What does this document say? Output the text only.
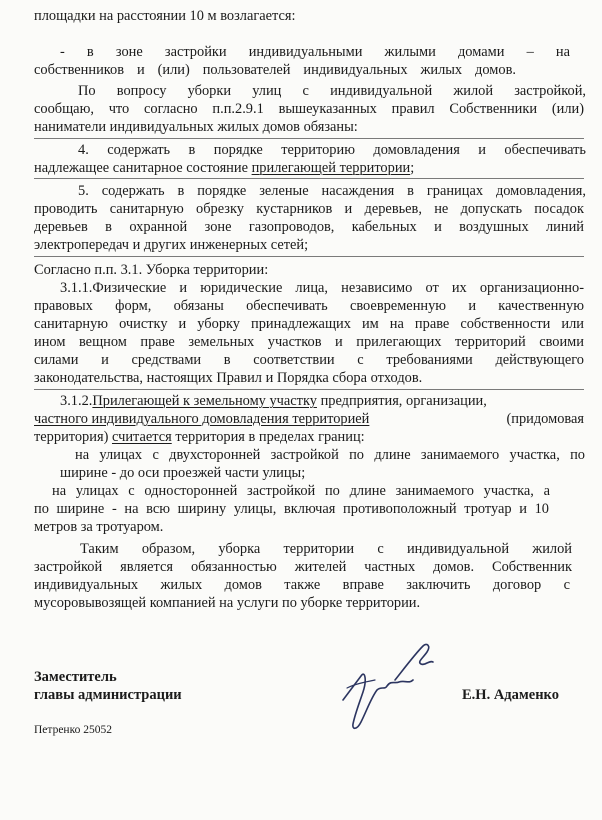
площадки на расстоянии 10 м возлагается:
- в зоне застройки индивидуальными жилыми домами – на
собственников и (или) пользователей индивидуальных жилых домов.
По вопросу уборки улиц с индивидуальной жилой застройкой,
сообщаю, что согласно п.п.2.9.1 вышеуказанных правил Собственники (или)
наниматели индивидуальных жилых домов обязаны:
4. содержать в порядке территорию домовладения и обеспечивать
надлежащее санитарное состояние прилегающей территории;
5. содержать в порядке зеленые насаждения в границах домовладения,
проводить санитарную обрезку кустарников и деревьев, не допускать посадок
деревьев в охранной зоне газопроводов, кабельных и воздушных линий
электропередач и других инженерных сетей;
Согласно п.п. 3.1. Уборка территории:
3.1.1.Физические и юридические лица, независимо от их организационно-
правовых форм, обязаны обеспечивать своевременную и качественную
санитарную очистку и уборку принадлежащих им на праве собственности или
ином вещном праве земельных участков и прилегающих территорий своими
силами и средствами в соответствии с требованиями действующего
законодательства, настоящих Правил и Порядка сбора отходов.
3.1.2.Прилегающей к земельному участку предприятия, организации,
частного индивидуального домовладения территорией	(придомовая
территория) считается территория в пределах границ:
на улицах с двухсторонней застройкой по длине занимаемого участка, по
ширине - до оси проезжей части улицы;
на улицах с односторонней застройкой по длине занимаемого участка, а
по ширине - на всю ширину улицы, включая противоположный тротуар и 10
метров за тротуаром.
Таким образом, уборка территории с индивидуальной жилой
застройкой является обязанностью жителей частных домов. Собственник
индивидуальных жилых домов также вправе заключить договор с
мусоровывозящей компанией на услуги по уборке территории.
Заместитель
главы администрации	Е.Н. Адаменко
Петренко 25052
